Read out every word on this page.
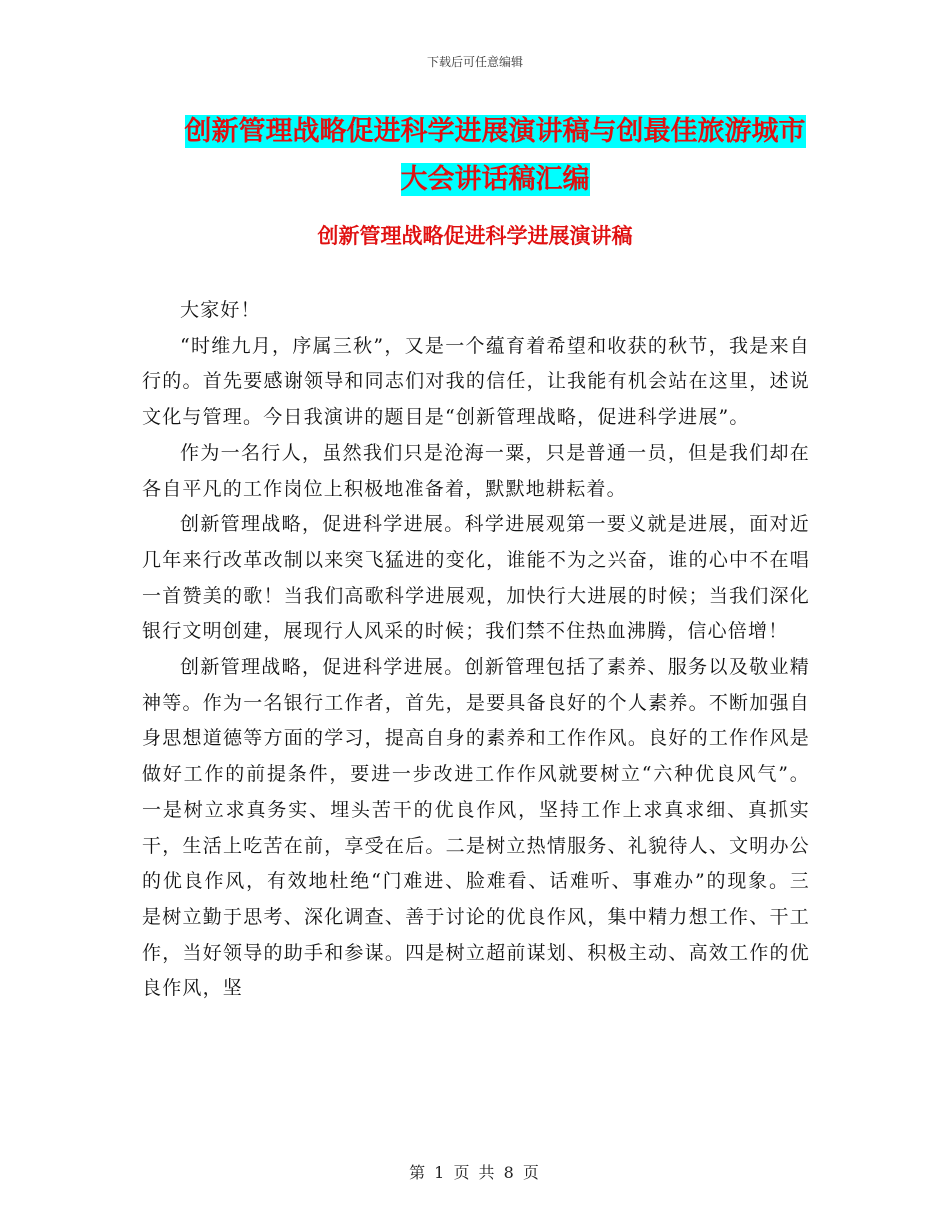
下载后可任意编辑
创新管理战略促进科学进展演讲稿与创最佳旅游城市
大会讲话稿汇编
创新管理战略促进科学进展演讲稿

大家好！

“时维九月，序属三秋”，又是一个蕴育着希望和收获的秋节，我是来自行的。首先要感谢领导和同志们对我的信任，让我能有机会站在这里，述说文化与管理。今日我演讲的题目是“创新管理战略，促进科学进展”。

作为一名行人，虽然我们只是沧海一粟，只是普通一员，但是我们却在各自平凡的工作岗位上积极地准备着，默默地耕耘着。

创新管理战略，促进科学进展。科学进展观第一要义就是进展，面对近几年来行改革改制以来突飞猛进的变化，谁能不为之兴奋，谁的心中不在唱一首赞美的歌！当我们高歌科学进展观，加快行大进展的时候；当我们深化银行文明创建，展现行人风采的时候；我们禁不住热血沸腾，信心倍增！

创新管理战略，促进科学进展。创新管理包括了素养、服务以及敬业精神等。作为一名银行工作者，首先，是要具备良好的个人素养。不断加强自身思想道德等方面的学习，提高自身的素养和工作作风。良好的工作作风是做好工作的前提条件，要进一步改进工作作风就要树立“六种优良风气”。一是树立求真务实、埋头苦干的优良作风，坚持工作上求真求细、真抓实干，生活上吃苦在前，享受在后。二是树立热情服务、礼貌待人、文明办公的优良作风，有效地杜绝“门难进、脸难看、话难听、事难办”的现象。三是树立勤于思考、深化调查、善于讨论的优良作风，集中精力想工作、干工作，当好领导的助手和参谋。四是树立超前谋划、积极主动、高效工作的优良作风，坚

第 1 页 共 8 页
